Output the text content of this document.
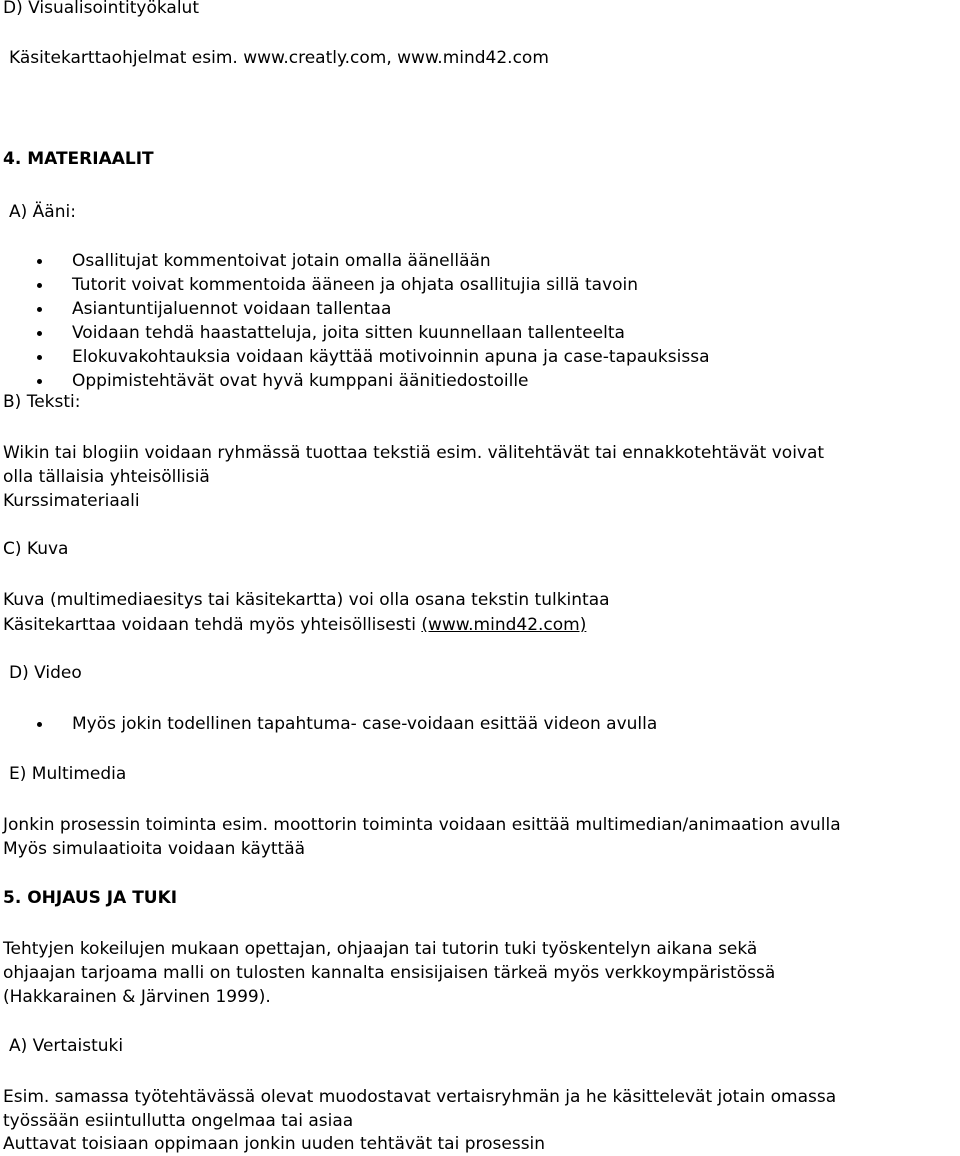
D) Visualisointityökalut
Käsitekarttaohjelmat esim. www.creatly.com, www.mind42.com
4. MATERIAALIT
A) Ääni:
Osallitujat kommentoivat jotain omalla äänellään
Tutorit voivat kommentoida ääneen ja ohjata osallitujia sillä tavoin
Asiantuntijaluennot voidaan tallentaa
Voidaan tehdä haastatteluja, joita sitten kuunnellaan tallenteelta
Elokuvakohtauksia voidaan käyttää motivoinnin apuna ja case-tapauksissa
Oppimistehtävät ovat hyvä kumppani äänitiedostoille
B) Teksti:
Wikin tai blogiin voidaan ryhmässä tuottaa tekstiä esim. välitehtävät tai ennakkotehtävät voivat
olla tällaisia yhteisöllisiä
Kurssimateriaali
C) Kuva
Kuva (multimediaesitys tai käsitekartta) voi olla osana tekstin tulkintaa
Käsitekarttaa voidaan tehdä myös yhteisöllisesti (www.mind42.com)
D) Video
Myös jokin todellinen tapahtuma- case-voidaan esittää videon avulla
E) Multimedia
Jonkin prosessin toiminta esim. moottorin toiminta voidaan esittää multimedian/animaation avulla
Myös simulaatioita voidaan käyttää
5. OHJAUS JA TUKI
Tehtyjen kokeilujen mukaan opettajan, ohjaajan tai tutorin tuki työskentelyn aikana sekä
ohjaajan tarjoama malli on tulosten kannalta ensisijaisen tärkeä myös verkkoympäristössä
(Hakkarainen & Järvinen 1999).
A) Vertaistuki
Esim. samassa työtehtävässä olevat muodostavat vertaisryhmän ja he käsittelevät jotain omassa
työssään esiintullutta ongelmaa tai asiaa
Auttavat toisiaan oppimaan jonkin uuden tehtävät tai prosessin
